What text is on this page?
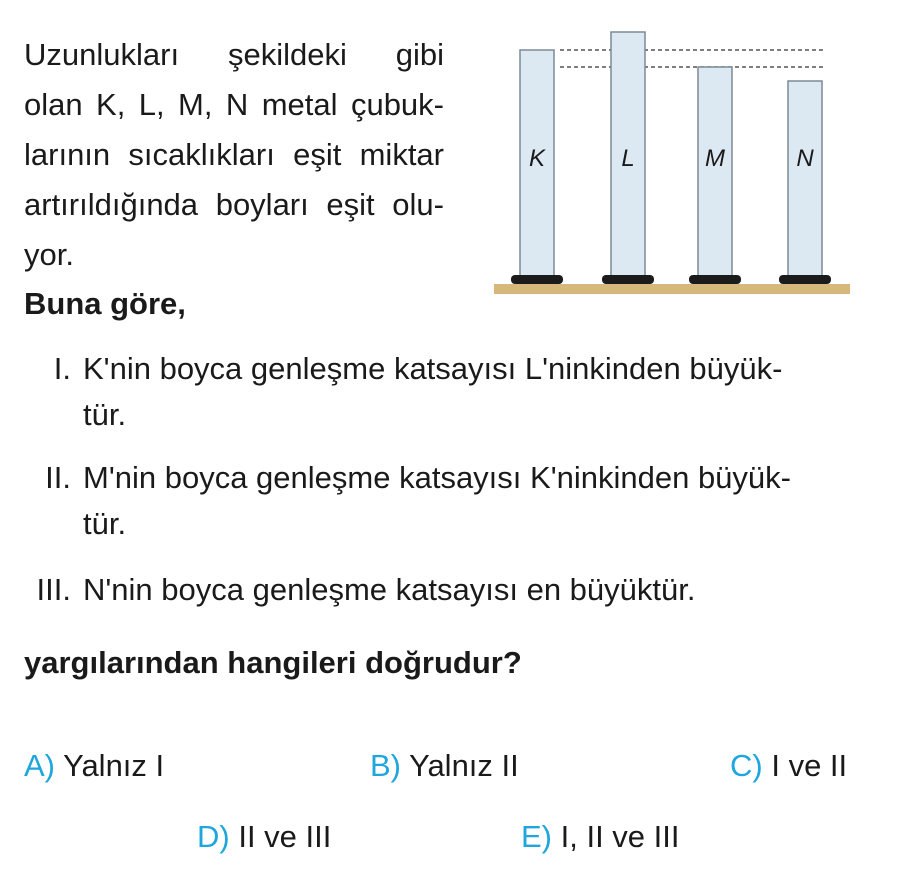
Uzunlukları şekildeki gibi
olan K, L, M, N metal çubuk-
larının sıcaklıkları eşit miktar
artırıldığında boyları eşit olu-
yor.
Buna göre,
K	L	M	N
I. K'nin boyca genleşme katsayısı L'ninkinden büyük-
tür.
II. M'nin boyca genleşme katsayısı K'ninkinden büyük-
tür.
III. N'nin boyca genleşme katsayısı en büyüktür.
yargılarından hangileri doğrudur?
A) Yalnız I	B) Yalnız II	C) I ve II
D) II ve III	E) I, II ve III
